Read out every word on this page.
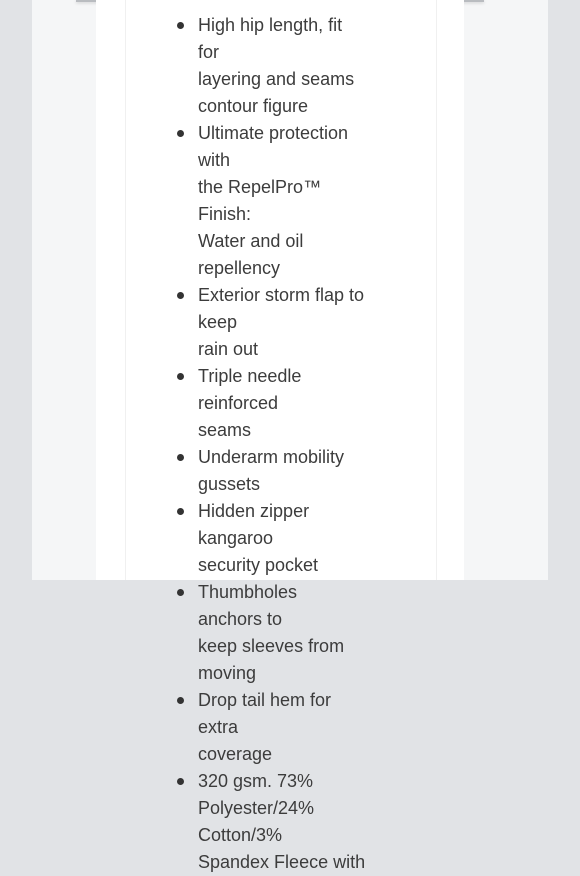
High hip length, fit for
layering and seams
contour figure
Ultimate protection with
the RepelPro™ Finish:
Water and oil repellency
Exterior storm flap to keep
rain out
Triple needle reinforced
seams
Underarm mobility
gussets
Hidden zipper kangaroo
security pocket
Thumbholes anchors to
keep sleeves from moving
Drop tail hem for extra
coverage
320 gsm. 73%
Polyester/24% Cotton/3%
Spandex Fleece with
